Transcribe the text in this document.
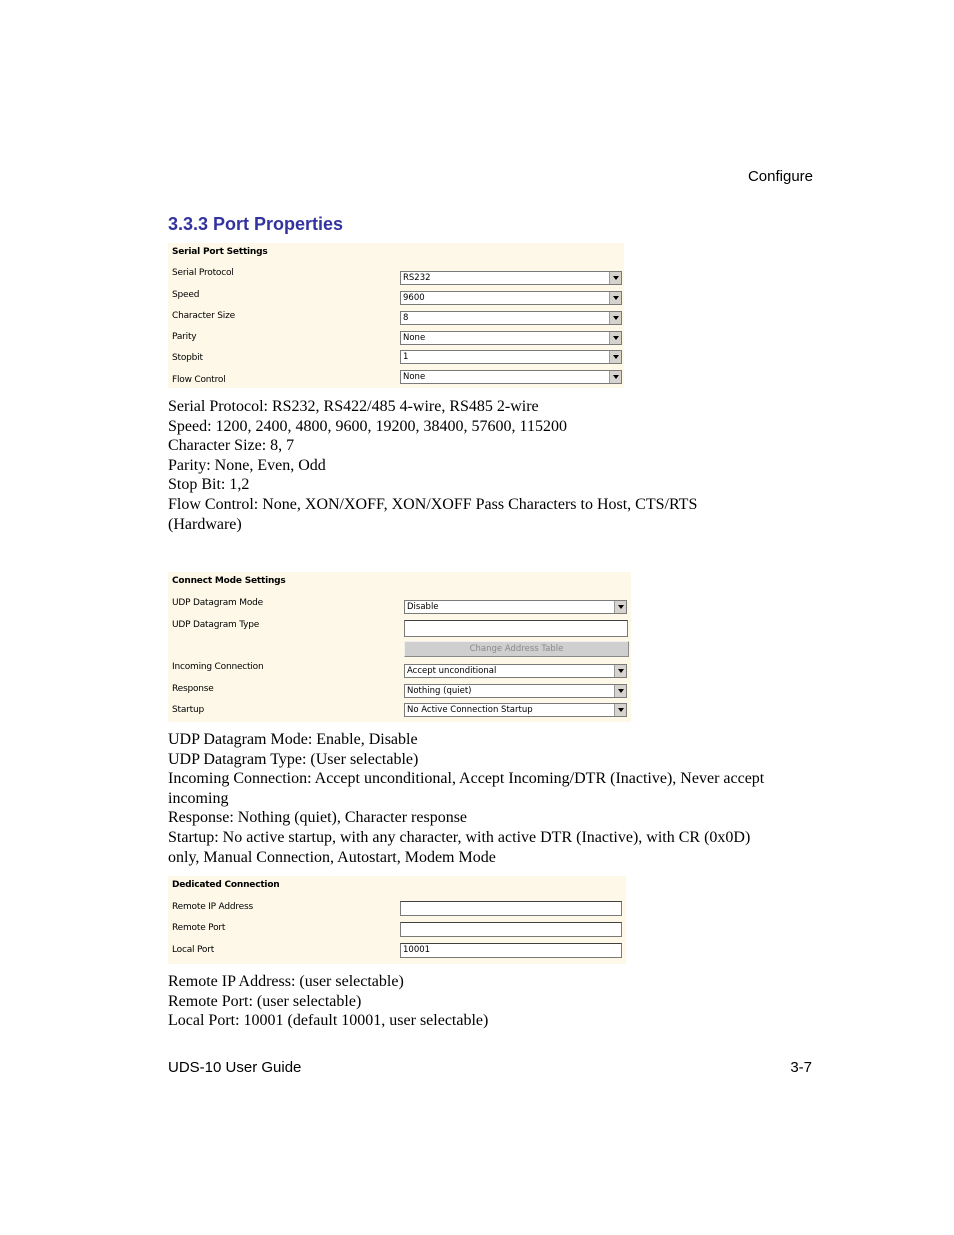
Configure
3.3.3 Port Properties
Serial Port Settings
Serial Protocol	RS232
Speed	9600
Character Size	8
Parity	None
Stopbit	1
Flow Control	None
Serial Protocol: RS232, RS422/485 4-wire, RS485 2-wire
Speed: 1200, 2400, 4800, 9600, 19200, 38400, 57600, 115200
Character Size: 8, 7
Parity: None, Even, Odd
Stop Bit: 1,2
Flow Control: None, XON/XOFF, XON/XOFF Pass Characters to Host, CTS/RTS
(Hardware)
Connect Mode Settings
UDP Datagram Mode	Disable
UDP Datagram Type
Change Address Table
Incoming Connection	Accept unconditional
Response	Nothing (quiet)
Startup	No Active Connection Startup
UDP Datagram Mode: Enable, Disable
UDP Datagram Type: (User selectable)
Incoming Connection: Accept unconditional, Accept Incoming/DTR (Inactive), Never accept
incoming
Response: Nothing (quiet), Character response
Startup: No active startup, with any character, with active DTR (Inactive), with CR (0x0D)
only, Manual Connection, Autostart, Modem Mode
Dedicated Connection
Remote IP Address
Remote Port
Local Port	10001
Remote IP Address: (user selectable)
Remote Port: (user selectable)
Local Port: 10001 (default 10001, user selectable)
UDS-10 User Guide	3-7
